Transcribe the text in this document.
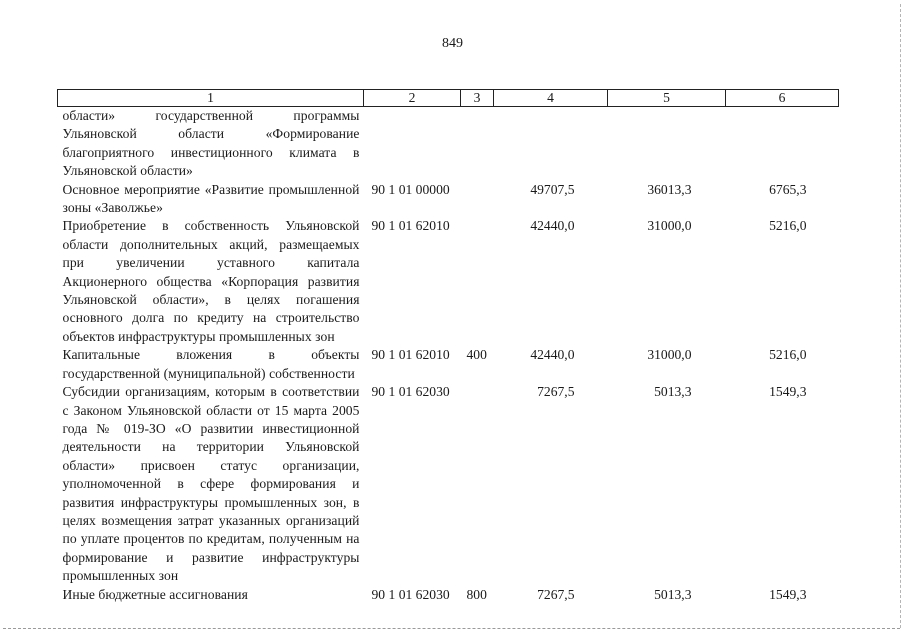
849
1	2	3	4	5	6
области» государственной программы Ульяновской области «Формирование благоприятного инвестиционного климата в Ульяновской области»					
Основное мероприятие «Развитие промышленной зоны «Заволжье»	90 1 01 00000		49707,5	36013,3	6765,3
Приобретение в собственность Ульяновской области дополнительных акций, размещаемых при увеличении уставного капитала Акционерного общества «Корпорация развития Ульяновской области», в целях погашения основного долга по кредиту на строительство объектов инфраструктуры промышленных зон	90 1 01 62010		42440,0	31000,0	5216,0
Капитальные вложения в объекты государственной (муниципальной) собственности	90 1 01 62010	400	42440,0	31000,0	5216,0
Субсидии организациям, которым в соответствии с Законом Ульяновской области от 15 марта 2005 года № 019-ЗО «О развитии инвестиционной деятельности на территории Ульяновской области» присвоен статус организации, уполномоченной в сфере формирования и развития инфраструктуры промышленных зон, в целях возмещения затрат указанных организаций по уплате процентов по кредитам, полученным на формирование и развитие инфраструктуры промышленных зон	90 1 01 62030		7267,5	5013,3	1549,3
Иные бюджетные ассигнования	90 1 01 62030	800	7267,5	5013,3	1549,3
